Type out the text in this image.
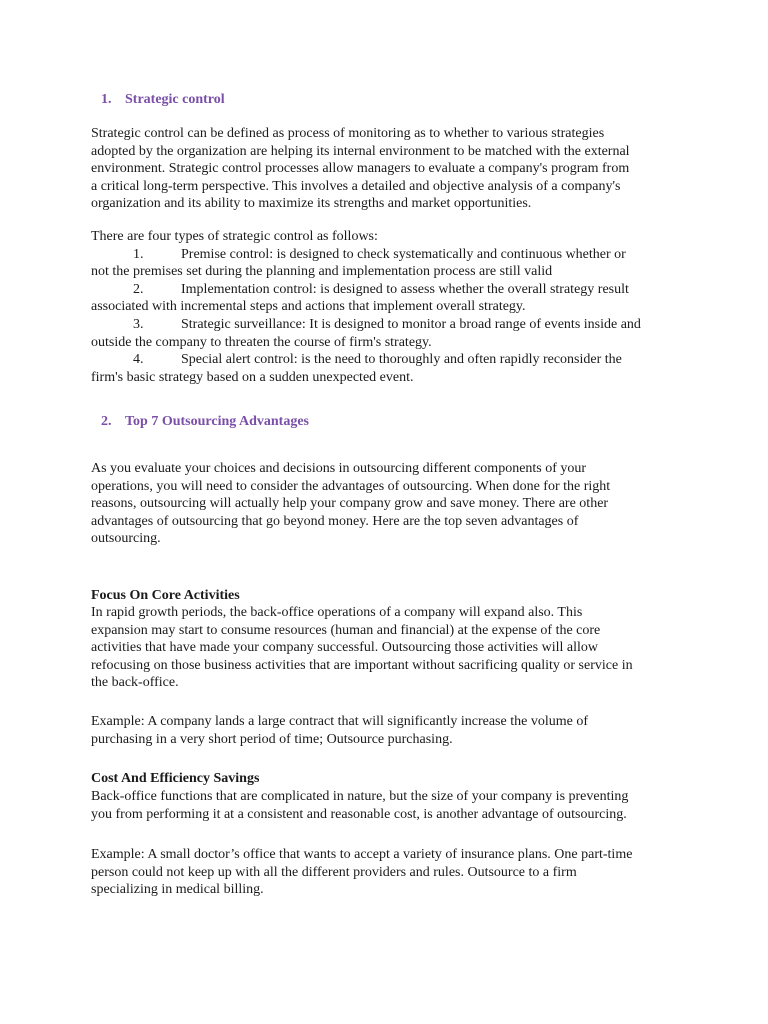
1. Strategic control
Strategic control can be defined as process of monitoring as to whether to various strategies
adopted by the organization are helping its internal environment to be matched with the external
environment. Strategic control processes allow managers to evaluate a company's program from
a critical long-term perspective. This involves a detailed and objective analysis of a company's
organization and its ability to maximize its strengths and market opportunities.
There are four types of strategic control as follows:
1.	Premise control: is designed to check systematically and continuous whether or
not the premises set during the planning and implementation process are still valid
2.	Implementation control: is designed to assess whether the overall strategy result
associated with incremental steps and actions that implement overall strategy.
3.	Strategic surveillance: It is designed to monitor a broad range of events inside and
outside the company to threaten the course of firm's strategy.
4.	Special alert control: is the need to thoroughly and often rapidly reconsider the
firm's basic strategy based on a sudden unexpected event.
2. Top 7 Outsourcing Advantages
As you evaluate your choices and decisions in outsourcing different components of your
operations, you will need to consider the advantages of outsourcing. When done for the right
reasons, outsourcing will actually help your company grow and save money. There are other
advantages of outsourcing that go beyond money. Here are the top seven advantages of
outsourcing.
Focus On Core Activities
In rapid growth periods, the back-office operations of a company will expand also. This
expansion may start to consume resources (human and financial) at the expense of the core
activities that have made your company successful. Outsourcing those activities will allow
refocusing on those business activities that are important without sacrificing quality or service in
the back-office.
Example: A company lands a large contract that will significantly increase the volume of
purchasing in a very short period of time; Outsource purchasing.
Cost And Efficiency Savings
Back-office functions that are complicated in nature, but the size of your company is preventing
you from performing it at a consistent and reasonable cost, is another advantage of outsourcing.
Example: A small doctor’s office that wants to accept a variety of insurance plans. One part-time
person could not keep up with all the different providers and rules. Outsource to a firm
specializing in medical billing.
